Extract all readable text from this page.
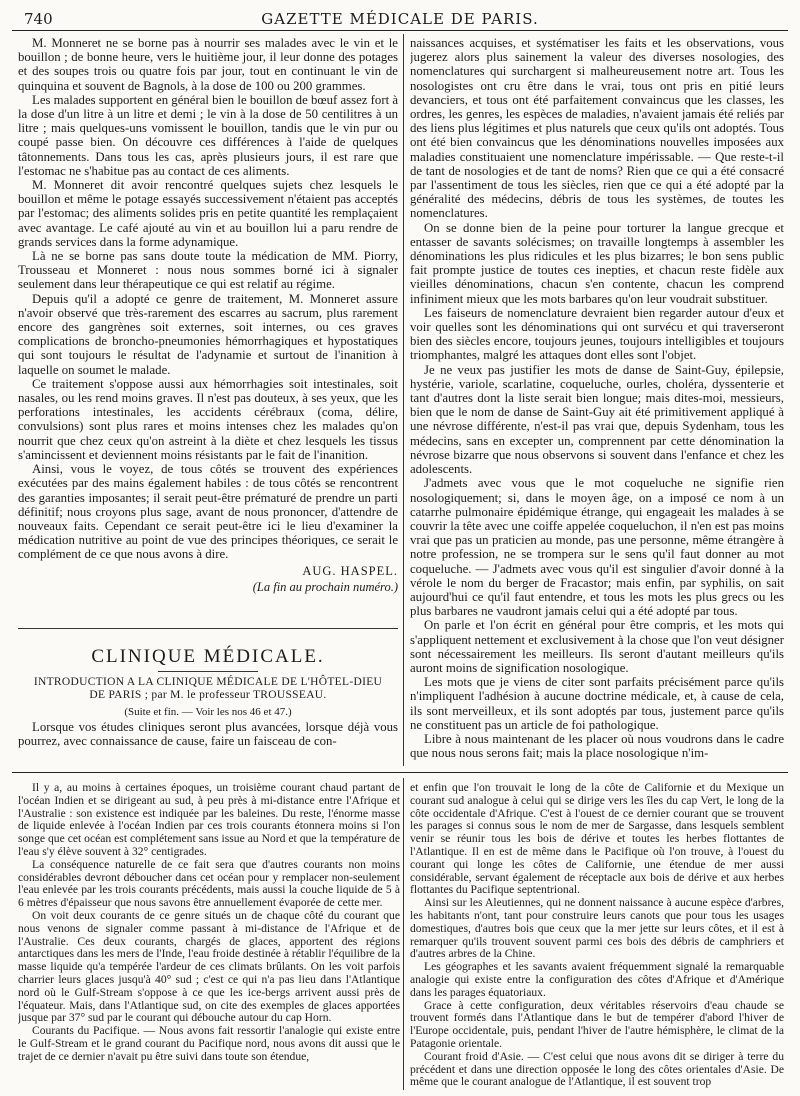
740	GAZETTE MÉDICALE DE PARIS.

M. Monneret ne se borne pas à nourrir ses malades avec le vin et le bouillon ; de bonne heure, vers le huitième jour, il leur donne des potages et des soupes trois ou quatre fois par jour, tout en continuant le vin de quinquina et souvent de Bagnols, à la dose de 100 ou 200 grammes.

Les malades supportent en général bien le bouillon de bœuf assez fort à la dose d'un litre à un litre et demi ; le vin à la dose de 50 centilitres à un litre ; mais quelques-uns vomissent le bouillon, tandis que le vin pur ou coupé passe bien. On découvre ces différences à l'aide de quelques tâtonnements. Dans tous les cas, après plusieurs jours, il est rare que l'estomac ne s'habitue pas au contact de ces aliments.

M. Monneret dit avoir rencontré quelques sujets chez lesquels le bouillon et même le potage essayés successivement n'étaient pas acceptés par l'estomac; des aliments solides pris en petite quantité les remplaçaient avec avantage. Le café ajouté au vin et au bouillon lui a paru rendre de grands services dans la forme adynamique.

Là ne se borne pas sans doute toute la médication de MM. Piorry, Trousseau et Monneret : nous nous sommes borné ici à signaler seulement dans leur thérapeutique ce qui est relatif au régime.

Depuis qu'il a adopté ce genre de traitement, M. Monneret assure n'avoir observé que très-rarement des escarres au sacrum, plus rarement encore des gangrènes soit externes, soit internes, ou ces graves complications de broncho-pneumonies hémorrhagiques et hypostatiques qui sont toujours le résultat de l'adynamie et surtout de l'inanition à laquelle on soumet le malade.

Ce traitement s'oppose aussi aux hémorrhagies soit intestinales, soit nasales, ou les rend moins graves. Il n'est pas douteux, à ses yeux, que les perforations intestinales, les accidents cérébraux (coma, délire, convulsions) sont plus rares et moins intenses chez les malades qu'on nourrit que chez ceux qu'on astreint à la diète et chez lesquels les tissus s'amincissent et deviennent moins résistants par le fait de l'inanition.

Ainsi, vous le voyez, de tous côtés se trouvent des expériences exécutées par des mains également habiles : de tous côtés se rencontrent des garanties imposantes; il serait peut-être prématuré de prendre un parti définitif; nous croyons plus sage, avant de nous prononcer, d'attendre de nouveaux faits. Cependant ce serait peut-être ici le lieu d'examiner la médication nutritive au point de vue des principes théoriques, ce serait le complément de ce que nous avons à dire.

AUG. HASPEL.
(La fin au prochain numéro.)
CLINIQUE MÉDICALE.
INTRODUCTION A LA CLINIQUE MÉDICALE DE L'HÔTEL-DIEU
DE PARIS ; par M. le professeur TROUSSEAU.
(Suite et fin. — Voir les nos 46 et 47.)
Lorsque vos études cliniques seront plus avancées, lorsque déjà vous pourrez, avec connaissance de cause, faire un faisceau de con-

naissances acquises, et systématiser les faits et les observations, vous jugerez alors plus sainement la valeur des diverses nosologies, des nomenclatures qui surchargent si malheureusement notre art. Tous les nosologistes ont cru être dans le vrai, tous ont pris en pitié leurs devanciers, et tous ont été parfaitement convaincus que les classes, les ordres, les genres, les espèces de maladies, n'avaient jamais été reliés par des liens plus légitimes et plus naturels que ceux qu'ils ont adoptés. Tous ont été bien convaincus que les dénominations nouvelles imposées aux maladies constituaient une nomenclature impérissable. — Que reste-t-il de tant de nosologies et de tant de noms? Rien que ce qui a été consacré par l'assentiment de tous les siècles, rien que ce qui a été adopté par la généralité des médecins, débris de tous les systèmes, de toutes les nomenclatures.

On se donne bien de la peine pour torturer la langue grecque et entasser de savants solécismes; on travaille longtemps à assembler les dénominations les plus ridicules et les plus bizarres; le bon sens public fait prompte justice de toutes ces inepties, et chacun reste fidèle aux vieilles dénominations, chacun s'en contente, chacun les comprend infiniment mieux que les mots barbares qu'on leur voudrait substituer.

Les faiseurs de nomenclature devraient bien regarder autour d'eux et voir quelles sont les dénominations qui ont survécu et qui traverseront bien des siècles encore, toujours jeunes, toujours intelligibles et toujours triomphantes, malgré les attaques dont elles sont l'objet.

Je ne veux pas justifier les mots de danse de Saint-Guy, épilepsie, hystérie, variole, scarlatine, coqueluche, ourles, choléra, dyssenterie et tant d'autres dont la liste serait bien longue; mais dites-moi, messieurs, bien que le nom de danse de Saint-Guy ait été primitivement appliqué à une névrose différente, n'est-il pas vrai que, depuis Sydenham, tous les médecins, sans en excepter un, comprennent par cette dénomination la névrose bizarre que nous observons si souvent dans l'enfance et chez les adolescents.

J'admets avec vous que le mot coqueluche ne signifie rien nosologiquement; si, dans le moyen âge, on a imposé ce nom à un catarrhe pulmonaire épidémique étrange, qui engageait les malades à se couvrir la tête avec une coiffe appelée coqueluchon, il n'en est pas moins vrai que pas un praticien au monde, pas une personne, même étrangère à notre profession, ne se trompera sur le sens qu'il faut donner au mot coqueluche. — J'admets avec vous qu'il est singulier d'avoir donné à la vérole le nom du berger de Fracastor; mais enfin, par syphilis, on sait aujourd'hui ce qu'il faut entendre, et tous les mots les plus grecs ou les plus barbares ne vaudront jamais celui qui a été adopté par tous.

On parle et l'on écrit en général pour être compris, et les mots qui s'appliquent nettement et exclusivement à la chose que l'on veut désigner sont nécessairement les meilleurs. Ils seront d'autant meilleurs qu'ils auront moins de signification nosologique.

Les mots que je viens de citer sont parfaits précisément parce qu'ils n'impliquent l'adhésion à aucune doctrine médicale, et, à cause de cela, ils sont merveilleux, et ils sont adoptés par tous, justement parce qu'ils ne constituent pas un article de foi pathologique.

Libre à nous maintenant de les placer où nous voudrons dans le cadre que nous nous serons fait; mais la place nosologique n'im-

Il y a, au moins à certaines époques, un troisième courant chaud partant de l'océan Indien et se dirigeant au sud, à peu près à mi-distance entre l'Afrique et l'Australie : son existence est indiquée par les baleines. Du reste, l'énorme masse de liquide enlevée à l'océan Indien par ces trois courants étonnera moins si l'on songe que cet océan est complétement sans issue au Nord et que la température de l'eau s'y élève souvent à 32° centigrades.

La conséquence naturelle de ce fait sera que d'autres courants non moins considérables devront déboucher dans cet océan pour y remplacer non-seulement l'eau enlevée par les trois courants précédents, mais aussi la couche liquide de 5 à 6 mètres d'épaisseur que nous savons être annuellement évaporée de cette mer.

On voit deux courants de ce genre situés un de chaque côté du courant que nous venons de signaler comme passant à mi-distance de l'Afrique et de l'Australie. Ces deux courants, chargés de glaces, apportent des régions antarctiques dans les mers de l'Inde, l'eau froide destinée à rétablir l'équilibre de la masse liquide qu'a tempérée l'ardeur de ces climats brûlants. On les voit parfois charrier leurs glaces jusqu'à 40° sud ; c'est ce qui n'a pas lieu dans l'Atlantique nord où le Gulf-Stream s'oppose à ce que les ice-bergs arrivent aussi près de l'équateur. Mais, dans l'Atlantique sud, on cite des exemples de glaces apportées jusque par 37° sud par le courant qui débouche autour du cap Horn.

Courants du Pacifique. — Nous avons fait ressortir l'analogie qui existe entre le Gulf-Stream et le grand courant du Pacifique nord, nous avons dit aussi que le trajet de ce dernier n'avait pu être suivi dans toute son étendue,

et enfin que l'on trouvait le long de la côte de Californie et du Mexique un courant sud analogue à celui qui se dirige vers les îles du cap Vert, le long de la côte occidentale d'Afrique. C'est à l'ouest de ce dernier courant que se trouvent les parages si connus sous le nom de mer de Sargasse, dans lesquels semblent venir se réunir tous les bois de dérive et toutes les herbes flottantes de l'Atlantique. Il en est de même dans le Pacifique où l'on trouve, à l'ouest du courant qui longe les côtes de Californie, une étendue de mer aussi considérable, servant également de réceptacle aux bois de dérive et aux herbes flottantes du Pacifique septentrional.

Ainsi sur les Aleutiennes, qui ne donnent naissance à aucune espèce d'arbres, les habitants n'ont, tant pour construire leurs canots que pour tous les usages domestiques, d'autres bois que ceux que la mer jette sur leurs côtes, et il est à remarquer qu'ils trouvent souvent parmi ces bois des débris de camphriers et d'autres arbres de la Chine.

Les géographes et les savants avaient fréquemment signalé la remarquable analogie qui existe entre la configuration des côtes d'Afrique et d'Amérique dans les parages équatoriaux.

Grace à cette configuration, deux véritables réservoirs d'eau chaude se trouvent formés dans l'Atlantique dans le but de tempérer d'abord l'hiver de l'Europe occidentale, puis, pendant l'hiver de l'autre hémisphère, le climat de la Patagonie orientale.

Courant froid d'Asie. — C'est celui que nous avons dit se diriger à terre du précédent et dans une direction opposée le long des côtes orientales d'Asie. De même que le courant analogue de l'Atlantique, il est souvent trop
